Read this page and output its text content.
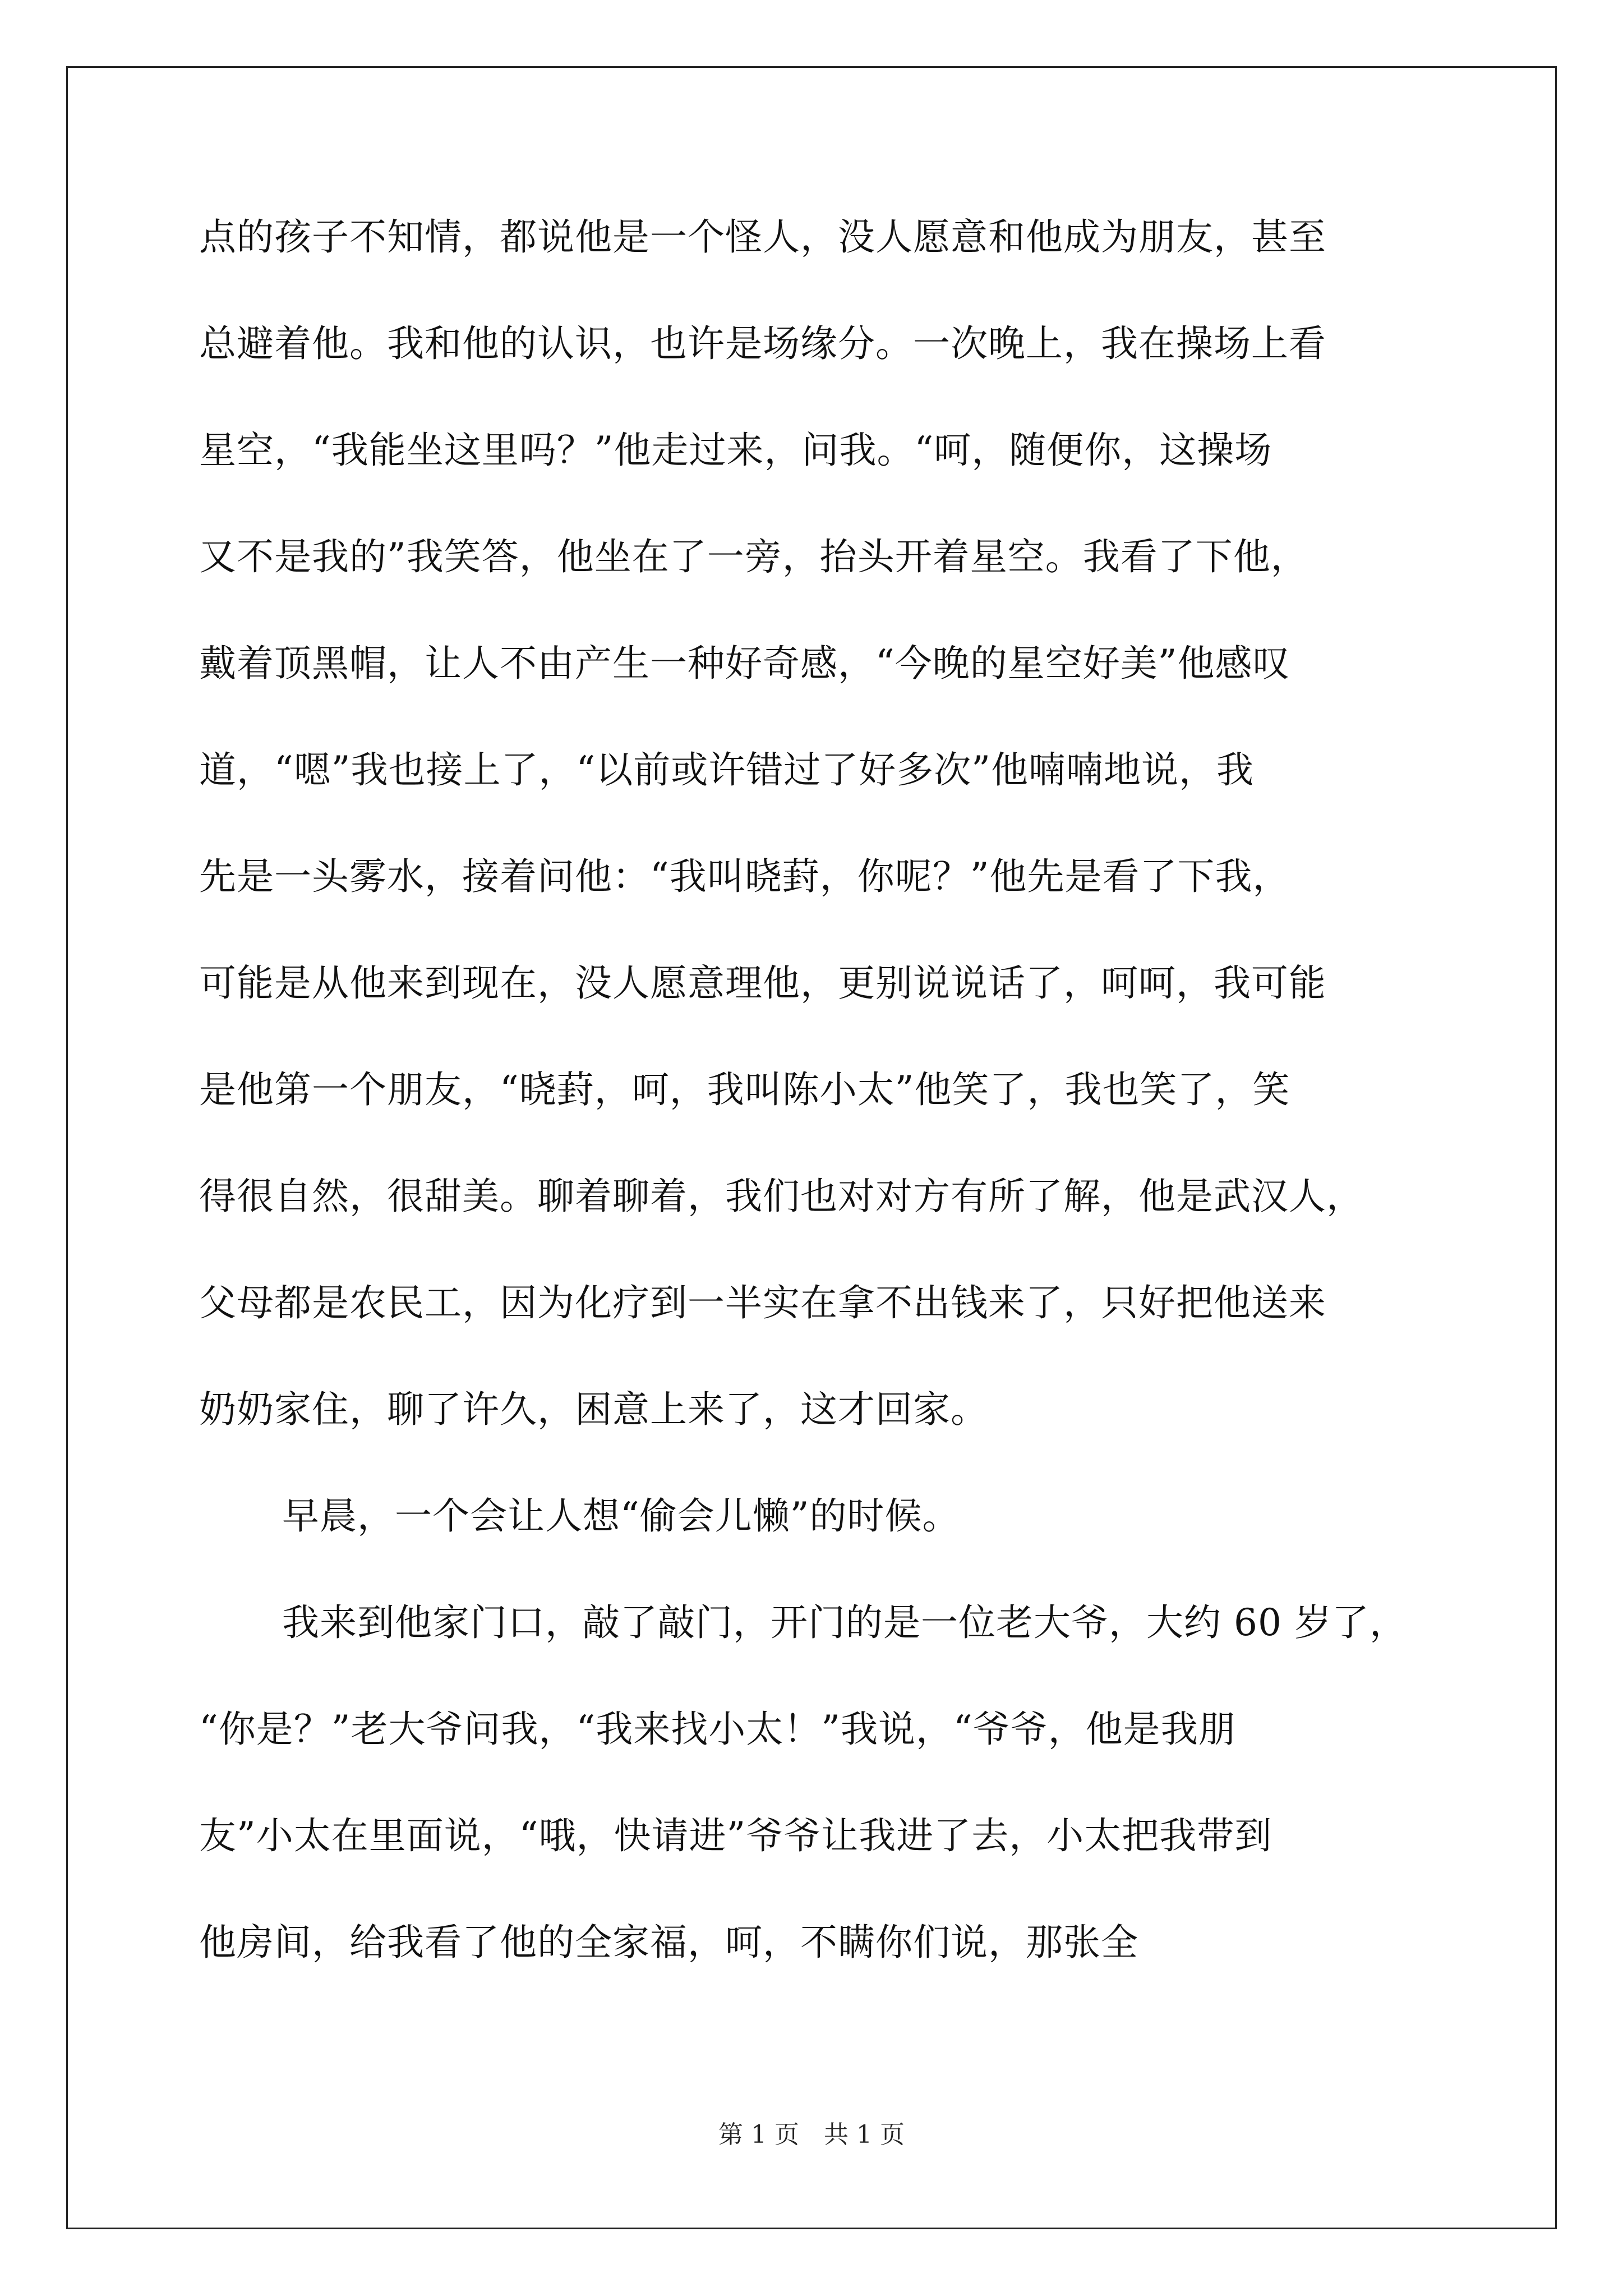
点的孩子不知情，都说他是一个怪人，没人愿意和他成为朋友，甚至
总避着他。我和他的认识，也许是场缘分。一次晚上，我在操场上看
星空，“我能坐这里吗？”他走过来，问我。“呵，随便你，这操场
又不是我的”我笑答，他坐在了一旁，抬头开着星空。我看了下他，
戴着顶黑帽，让人不由产生一种好奇感，“今晚的星空好美”他感叹
道，“嗯”我也接上了，“以前或许错过了好多次”他喃喃地说，我
先是一头雾水，接着问他：“我叫晓葑，你呢？”他先是看了下我，
可能是从他来到现在，没人愿意理他，更别说说话了，呵呵，我可能
是他第一个朋友，“晓葑，呵，我叫陈小太”他笑了，我也笑了，笑
得很自然，很甜美。聊着聊着，我们也对对方有所了解，他是武汉人，
父母都是农民工，因为化疗到一半实在拿不出钱来了，只好把他送来
奶奶家住，聊了许久，困意上来了，这才回家。
早晨，一个会让人想“偷会儿懒”的时候。
我来到他家门口，敲了敲门，开门的是一位老大爷，大约 60 岁了，
“你是？”老大爷问我，“我来找小太！”我说，“爷爷，他是我朋
友”小太在里面说，“哦，快请进”爷爷让我进了去，小太把我带到
他房间，给我看了他的全家福，呵，不瞒你们说，那张全
第 1 页　共 1 页
